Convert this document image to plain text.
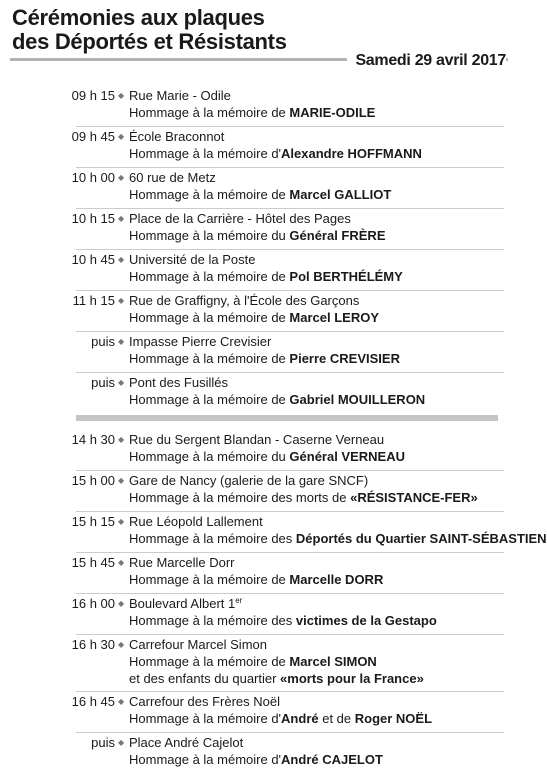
Cérémonies aux plaques
des Déportés et Résistants
Samedi 29 avril 2017
09 h 15 ◆ Rue Marie - Odile
Hommage à la mémoire de MARIE-ODILE
09 h 45 ◆ École Braconnot
Hommage à la mémoire d'Alexandre HOFFMANN
10 h 00 ◆ 60 rue de Metz
Hommage à la mémoire de Marcel GALLIOT
10 h 15 ◆ Place de la Carrière - Hôtel des Pages
Hommage à la mémoire du Général FRÈRE
10 h 45 ◆ Université de la Poste
Hommage à la mémoire de Pol BERTHÉLÉMY
11 h 15 ◆ Rue de Graffigny, à l'École des Garçons
Hommage à la mémoire de Marcel LEROY
puis ◆ Impasse Pierre Crevisier
Hommage à la mémoire de Pierre CREVISIER
puis ◆ Pont des Fusillés
Hommage à la mémoire de Gabriel MOUILLERON
14 h 30 ◆ Rue du Sergent Blandan - Caserne Verneau
Hommage à la mémoire du Général VERNEAU
15 h 00 ◆ Gare de Nancy (galerie de la gare SNCF)
Hommage à la mémoire des morts de «RÉSISTANCE-FER»
15 h 15 ◆ Rue Léopold Lallement
Hommage à la mémoire des Déportés du Quartier SAINT-SÉBASTIEN
15 h 45 ◆ Rue Marcelle Dorr
Hommage à la mémoire de Marcelle DORR
16 h 00 ◆ Boulevard Albert 1er
Hommage à la mémoire des victimes de la Gestapo
16 h 30 ◆ Carrefour Marcel Simon
Hommage à la mémoire de Marcel SIMON
et des enfants du quartier «morts pour la France»
16 h 45 ◆ Carrefour des Frères Noël
Hommage à la mémoire d'André et de Roger NOËL
puis ◆ Place André Cajelot
Hommage à la mémoire d'André CAJELOT
